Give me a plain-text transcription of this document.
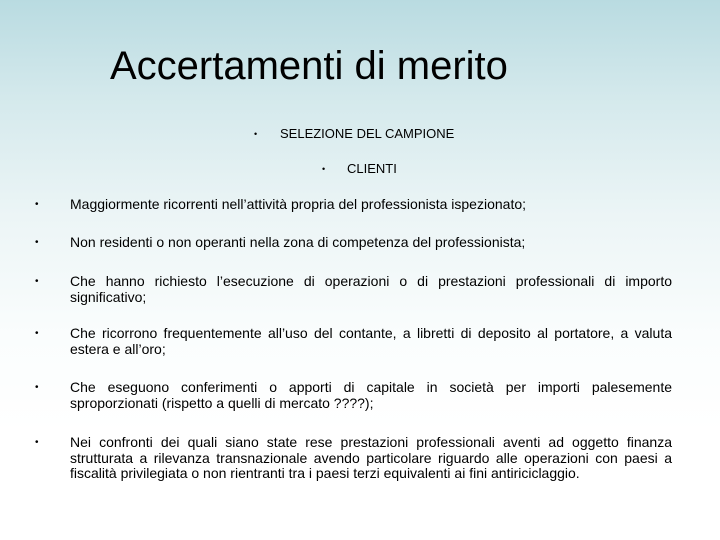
Accertamenti di merito
• SELEZIONE DEL CAMPIONE
• CLIENTI
• Maggiormente ricorrenti nell’attività propria del professionista ispezionato;
• Non residenti o non operanti nella zona di competenza del professionista;
• Che hanno richiesto l’esecuzione di operazioni o di prestazioni professionali di importo significativo;
• Che ricorrono frequentemente all’uso del contante, a libretti di deposito al portatore, a valuta estera e all’oro;
• Che eseguono conferimenti o apporti di capitale in società per importi palesemente sproporzionati (rispetto a quelli di mercato ????);
• Nei confronti dei quali siano state rese prestazioni professionali aventi ad oggetto finanza strutturata a rilevanza transnazionale avendo particolare riguardo alle operazioni con paesi a fiscalità privilegiata o non rientranti tra i paesi terzi equivalenti ai fini antiriciclaggio.
